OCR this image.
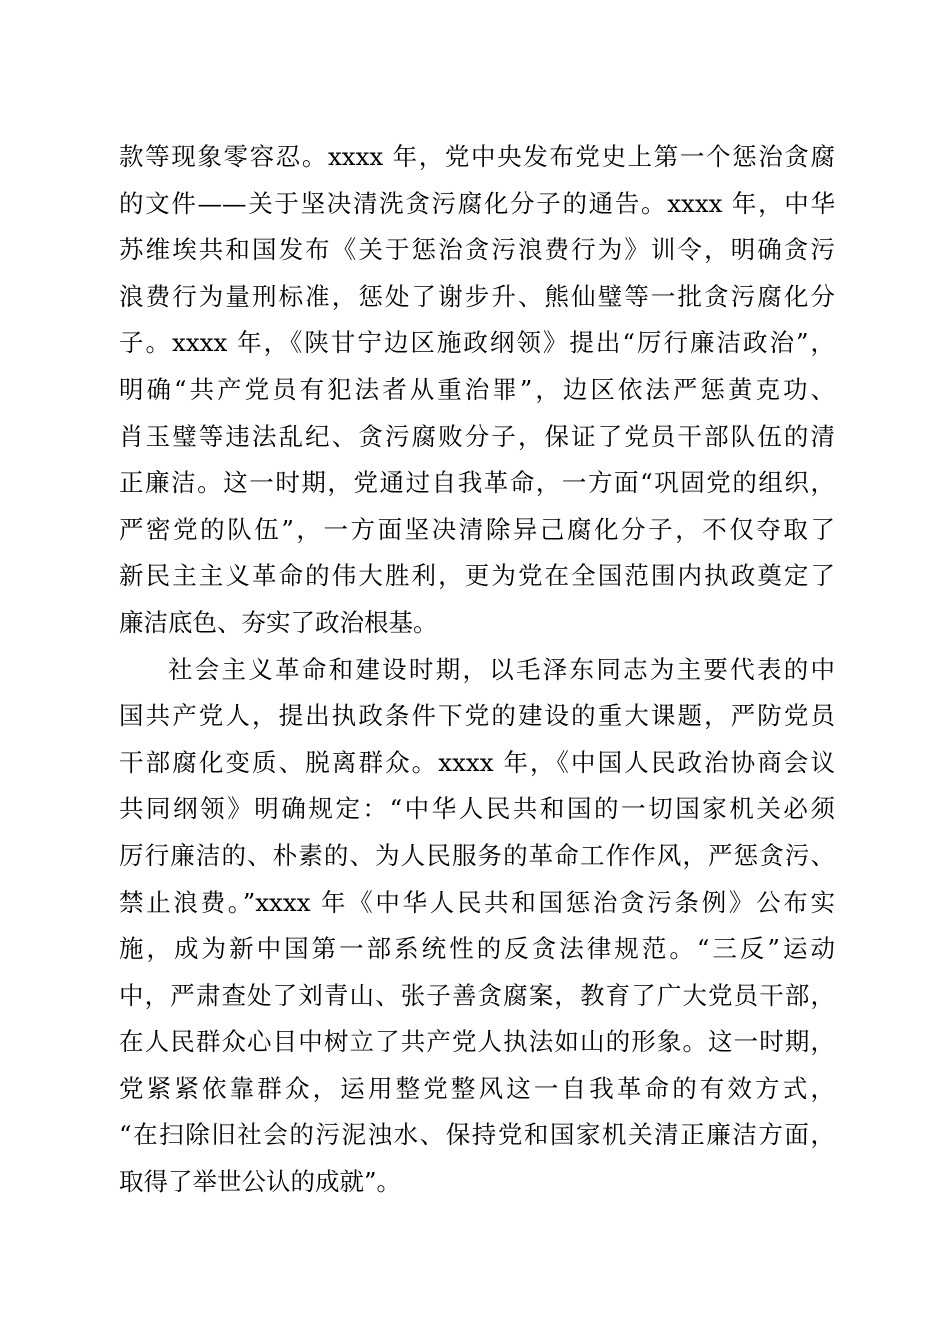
款等现象零容忍。xxxx 年，党中央发布党史上第一个惩治贪腐
的文件——关于坚决清洗贪污腐化分子的通告。xxxx 年，中华
苏维埃共和国发布《关于惩治贪污浪费行为》训令，明确贪污
浪费行为量刑标准，惩处了谢步升、熊仙璧等一批贪污腐化分
子。xxxx 年，《陕甘宁边区施政纲领》提出“厉行廉洁政治”，
明确“共产党员有犯法者从重治罪”，边区依法严惩黄克功、
肖玉璧等违法乱纪、贪污腐败分子，保证了党员干部队伍的清
正廉洁。这一时期，党通过自我革命，一方面“巩固党的组织，
严密党的队伍”，一方面坚决清除异己腐化分子，不仅夺取了
新民主主义革命的伟大胜利，更为党在全国范围内执政奠定了
廉洁底色、夯实了政治根基。
社会主义革命和建设时期，以毛泽东同志为主要代表的中
国共产党人，提出执政条件下党的建设的重大课题，严防党员
干部腐化变质、脱离群众。xxxx 年，《中国人民政治协商会议
共同纲领》明确规定：“中华人民共和国的一切国家机关必须
厉行廉洁的、朴素的、为人民服务的革命工作作风，严惩贪污、
禁止浪费。”xxxx 年《中华人民共和国惩治贪污条例》公布实
施，成为新中国第一部系统性的反贪法律规范。“三反”运动
中，严肃查处了刘青山、张子善贪腐案，教育了广大党员干部，
在人民群众心目中树立了共产党人执法如山的形象。这一时期，
党紧紧依靠群众，运用整党整风这一自我革命的有效方式，
“在扫除旧社会的污泥浊水、保持党和国家机关清正廉洁方面，
取得了举世公认的成就”。
